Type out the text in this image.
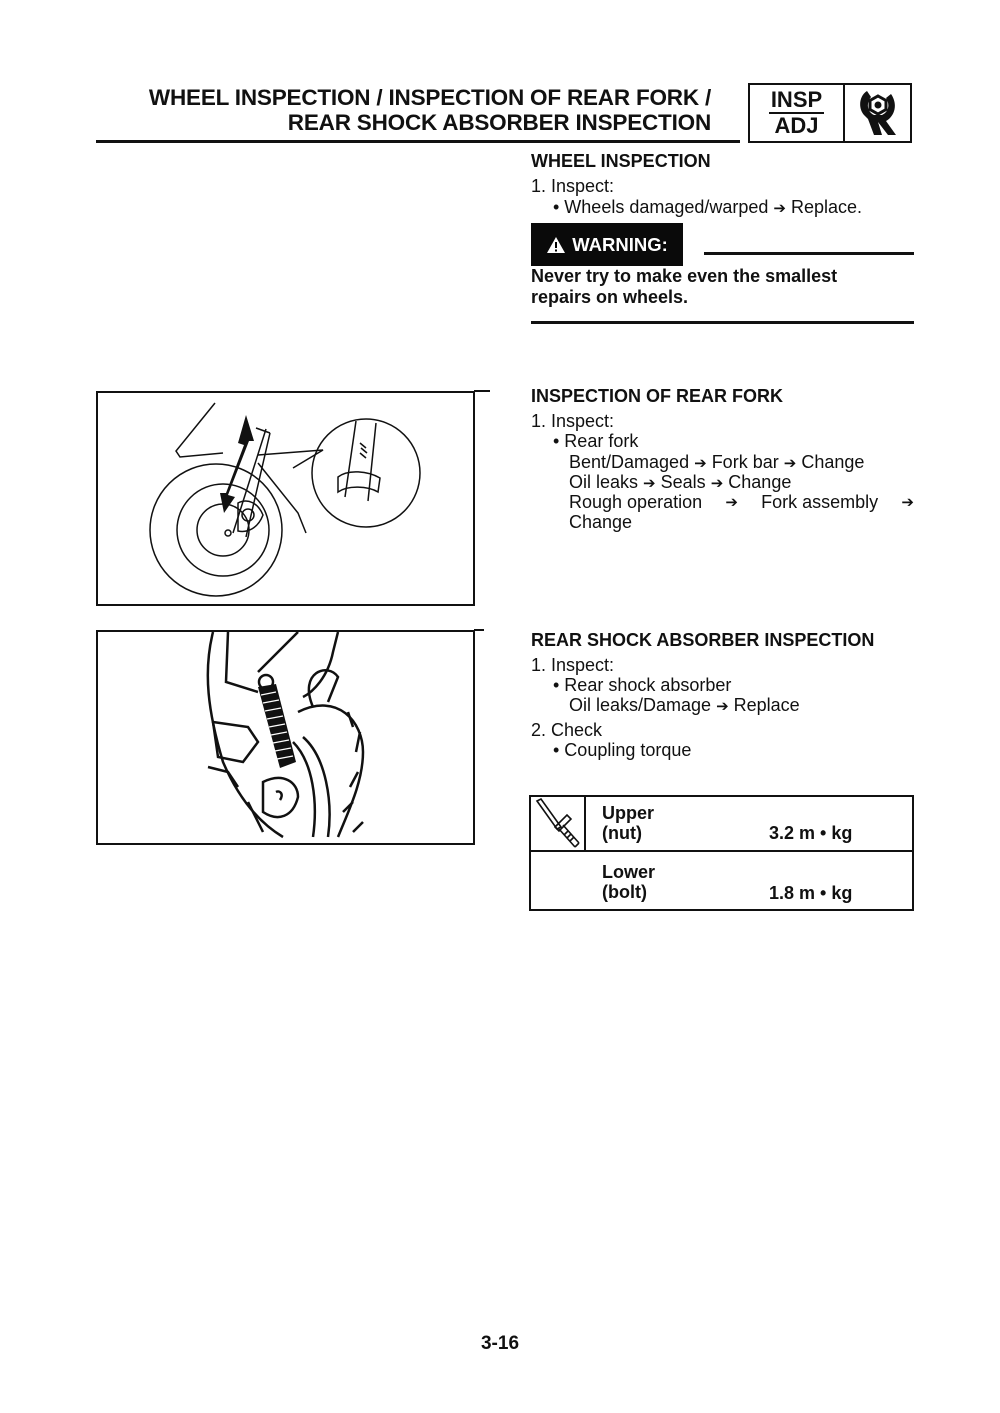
WHEEL INSPECTION / INSPECTION OF REAR FORK /
REAR SHOCK ABSORBER INSPECTION
INSP
ADJ
WHEEL INSPECTION
1. Inspect:
• Wheels damaged/warped ➔ Replace.
WARNING:
Never try to make even the smallest
repairs on wheels.
INSPECTION OF REAR FORK
1. Inspect:
• Rear fork
Bent/Damaged ➔ Fork bar ➔ Change
Oil leaks ➔ Seals ➔ Change
Rough operation ➔ Fork assembly ➔
Change
REAR SHOCK ABSORBER INSPECTION
1. Inspect:
• Rear shock absorber
Oil leaks/Damage ➔ Replace
2. Check
• Coupling torque
Upper
(nut)	3.2 m • kg
Lower
(bolt)	1.8 m • kg
3-16
